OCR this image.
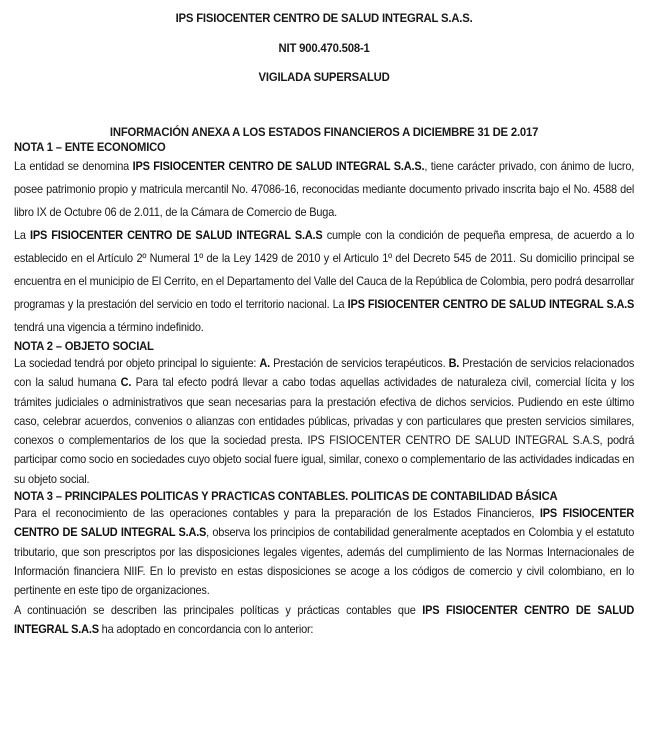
IPS FISIOCENTER CENTRO DE SALUD INTEGRAL S.A.S.
NIT 900.470.508-1
VIGILADA SUPERSALUD
INFORMACIÓN ANEXA A LOS ESTADOS FINANCIEROS A DICIEMBRE 31 DE 2.017
NOTA 1 – ENTE ECONOMICO

La entidad se denomina IPS FISIOCENTER CENTRO DE SALUD INTEGRAL S.A.S., tiene carácter privado, con ánimo de lucro, posee patrimonio propio y matricula mercantil No. 47086-16, reconocidas mediante documento privado inscrita bajo el No. 4588 del libro IX de Octubre 06 de 2.011, de la Cámara de Comercio de Buga.

La IPS FISIOCENTER CENTRO DE SALUD INTEGRAL S.A.S cumple con la condición de pequeña empresa, de acuerdo a lo establecido en el Artículo 2º Numeral 1º de la Ley 1429 de 2010 y el Articulo 1º del Decreto 545 de 2011. Su domicilio principal se encuentra en el municipio de El Cerrito, en el Departamento del Valle del Cauca de la República de Colombia, pero podrá desarrollar programas y la prestación del servicio en todo el territorio nacional. La IPS FISIOCENTER CENTRO DE SALUD INTEGRAL S.A.S tendrá una vigencia a término indefinido.

NOTA 2 – OBJETO SOCIAL

La sociedad tendrá por objeto principal lo siguiente: A. Prestación de servicios terapéuticos. B. Prestación de servicios relacionados con la salud humana C. Para tal efecto podrá llevar a cabo todas aquellas actividades de naturaleza civil, comercial lícita y los trámites judiciales o administrativos que sean necesarias para la prestación efectiva de dichos servicios. Pudiendo en este último caso, celebrar acuerdos, convenios o alianzas con entidades públicas, privadas y con particulares que presten servicios similares, conexos o complementarios de los que la sociedad presta. IPS FISIOCENTER CENTRO DE SALUD INTEGRAL S.A.S, podrá participar como socio en sociedades cuyo objeto social fuere igual, similar, conexo o complementario de las actividades indicadas en su objeto social.

NOTA 3 – PRINCIPALES POLITICAS Y PRACTICAS CONTABLES. POLITICAS DE CONTABILIDAD BÁSICA

Para el reconocimiento de las operaciones contables y para la preparación de los Estados Financieros, IPS FISIOCENTER CENTRO DE SALUD INTEGRAL S.A.S, observa los principios de contabilidad generalmente aceptados en Colombia y el estatuto tributario, que son prescriptos por las disposiciones legales vigentes, además del cumplimiento de las Normas Internacionales de Información financiera NIIF. En lo previsto en estas disposiciones se acoge a los códigos de comercio y civil colombiano, en lo pertinente en este tipo de organizaciones.

A continuación se describen las principales políticas y prácticas contables que IPS FISIOCENTER CENTRO DE SALUD INTEGRAL S.A.S ha adoptado en concordancia con lo anterior:
